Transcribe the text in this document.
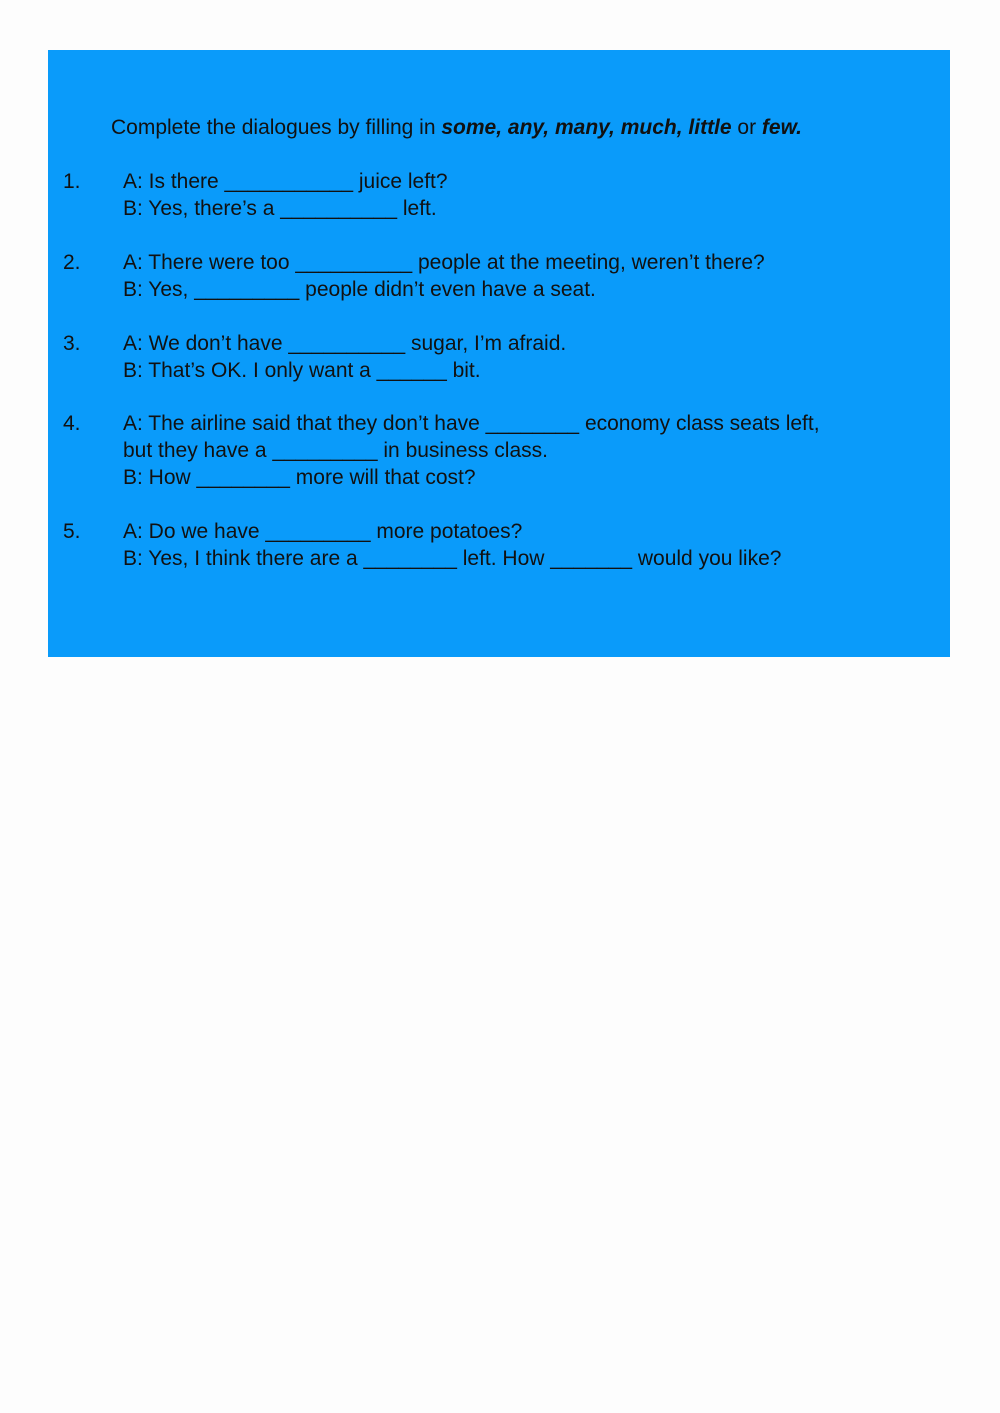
Complete the dialogues by filling in some, any, many, much, little or few.
1. A: Is there ___________ juice left?
B: Yes, there’s a __________ left.
2. A: There were too __________ people at the meeting, weren’t there?
B: Yes, _________ people didn’t even have a seat.
3. A: We don’t have __________ sugar, I’m afraid.
B: That’s OK. I only want a ______ bit.
4. A: The airline said that they don’t have ________ economy class seats left,
but they have a _________ in business class.
B: How ________ more will that cost?
5. A: Do we have _________ more potatoes?
B: Yes, I think there are a ________ left. How _______ would you like?
